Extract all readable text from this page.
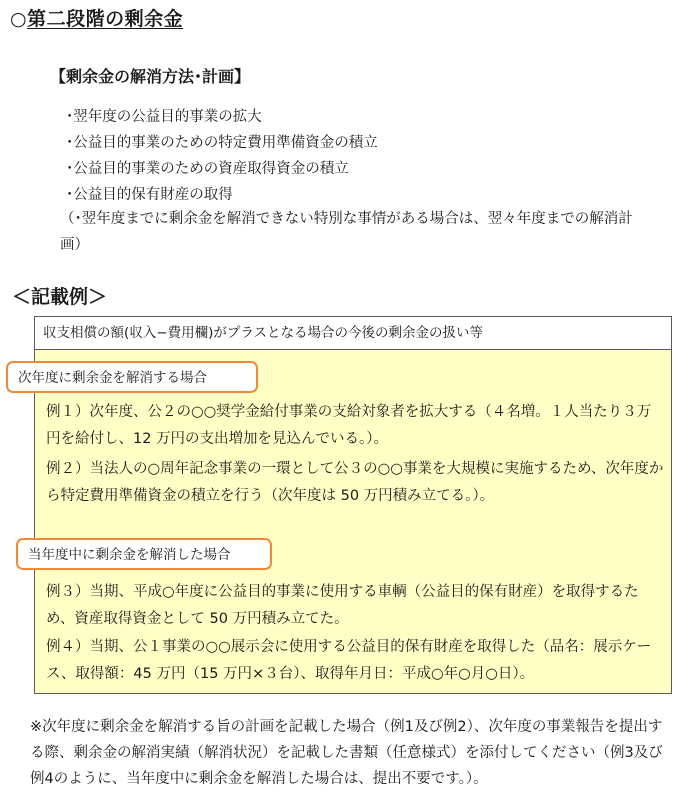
○第二段階の剰余金
【剰余金の解消方法･計画】
･翌年度の公益目的事業の拡大
･公益目的事業のための特定費用準備資金の積立
･公益目的事業のための資産取得資金の積立
･公益目的保有財産の取得
（･翌年度までに剰余金を解消できない特別な事情がある場合は、翌々年度までの解消計画）
＜記載例＞
収支相償の額(収入−費用欄)がプラスとなる場合の今後の剰余金の扱い等
次年度に剰余金を解消する場合
例１）次年度、公２の○○奨学金給付事業の支給対象者を拡大する（４名増。１人当たり３万円を給付し、12 万円の支出増加を見込んでいる。）。
例２）当法人の○周年記念事業の一環として公３の○○事業を大規模に実施するため、次年度から特定費用準備資金の積立を行う（次年度は 50 万円積み立てる。）。
当年度中に剰余金を解消した場合
例３）当期、平成○年度に公益目的事業に使用する車輌（公益目的保有財産）を取得するため、資産取得資金として 50 万円積み立てた。
例４）当期、公１事業の○○展示会に使用する公益目的保有財産を取得した（品名：展示ケース、取得額：45 万円（15 万円×３台）、取得年月日：平成○年○月○日）。
※次年度に剰余金を解消する旨の計画を記載した場合（例1及び例2）、次年度の事業報告を提出する際、剰余金の解消実績（解消状況）を記載した書類（任意様式）を添付してください（例3及び例4のように、当年度中に剰余金を解消した場合は、提出不要です。）。
